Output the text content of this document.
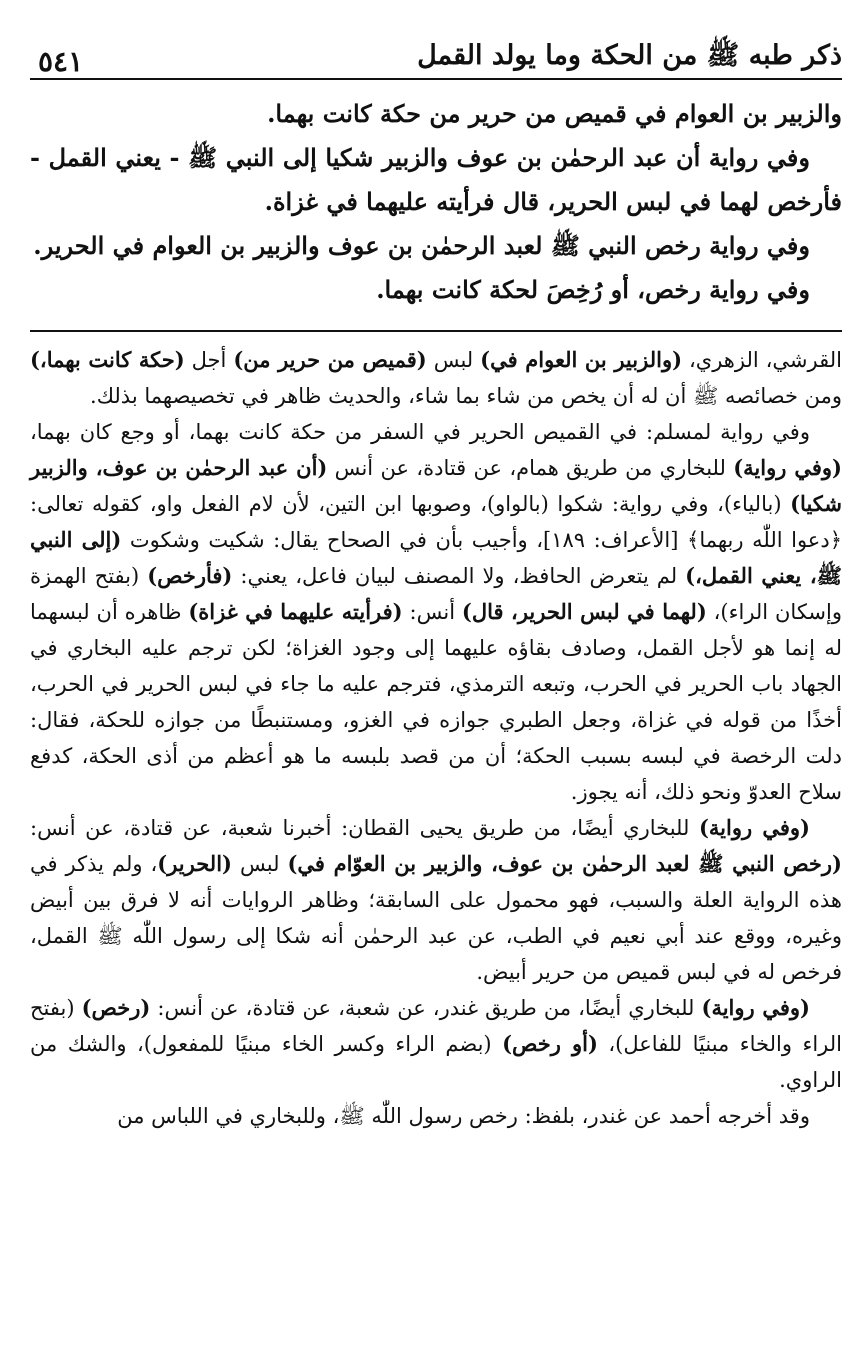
ذكر طبه ﷺ من الحكة وما يولد القمل
٥٤١

والزبير بن العوام في قميص من حرير من حكة كانت بهما.

وفي رواية أن عبد الرحمٰن بن عوف والزبير شكيا إلى النبي ﷺ - يعني القمل - فأرخص لهما في لبس الحرير، قال فرأيته عليهما في غزاة.

وفي رواية رخص النبي ﷺ لعبد الرحمٰن بن عوف والزبير بن العوام في الحرير.

وفي رواية رخص، أو رُخِصَ لحكة كانت بهما.

القرشي، الزهري، (والزبير بن العوام في) لبس (قميص من حرير من) أجل (حكة كانت بهما،) ومن خصائصه ﷺ أن له أن يخص من شاء بما شاء، والحديث ظاهر في تخصيصهما بذلك.

وفي رواية لمسلم: في القميص الحرير في السفر من حكة كانت بهما، أو وجع كان بهما، (وفي رواية) للبخاري من طريق همام، عن قتادة، عن أنس (أن عبد الرحمٰن بن عوف، والزبير شكيا) (بالياء)، وفي رواية: شكوا (بالواو)، وصوبها ابن التين، لأن لام الفعل واو، كقوله تعالى: ﴿دعوا اللّٰه ربهما﴾ [الأعراف: ١٨٩]، وأجيب بأن في الصحاح يقال: شكيت وشكوت (إلى النبي ﷺ، يعني القمل،) لم يتعرض الحافظ، ولا المصنف لبيان فاعل، يعني: (فأرخص) (بفتح الهمزة وإسكان الراء)، (لهما في لبس الحرير، قال) أنس: (فرأيته عليهما في غزاة) ظاهره أن لبسهما له إنما هو لأجل القمل، وصادف بقاؤه عليهما إلى وجود الغزاة؛ لكن ترجم عليه البخاري في الجهاد باب الحرير في الحرب، وتبعه الترمذي، فترجم عليه ما جاء في لبس الحرير في الحرب، أخذًا من قوله في غزاة، وجعل الطبري جوازه في الغزو، ومستنبطًا من جوازه للحكة، فقال: دلت الرخصة في لبسه بسبب الحكة؛ أن من قصد بلبسه ما هو أعظم من أذى الحكة، كدفع سلاح العدوّ ونحو ذلك، أنه يجوز.

(وفي رواية) للبخاري أيضًا، من طريق يحيى القطان: أخبرنا شعبة، عن قتادة، عن أنس: (رخص النبي ﷺ لعبد الرحمٰن بن عوف، والزبير بن العوّام في) لبس (الحرير)، ولم يذكر في هذه الرواية العلة والسبب، فهو محمول على السابقة؛ وظاهر الروايات أنه لا فرق بين أبيض وغيره، ووقع عند أبي نعيم في الطب، عن عبد الرحمٰن أنه شكا إلى رسول اللّٰه ﷺ القمل، فرخص له في لبس قميص من حرير أبيض.

(وفي رواية) للبخاري أيضًا، من طريق غندر، عن شعبة، عن قتادة، عن أنس: (رخص) (بفتح الراء والخاء مبنيًا للفاعل)، (أو رخص) (بضم الراء وكسر الخاء مبنيًا للمفعول)، والشك من الراوي.

وقد أخرجه أحمد عن غندر، بلفظ: رخص رسول اللّٰه ﷺ، وللبخاري في اللباس من
